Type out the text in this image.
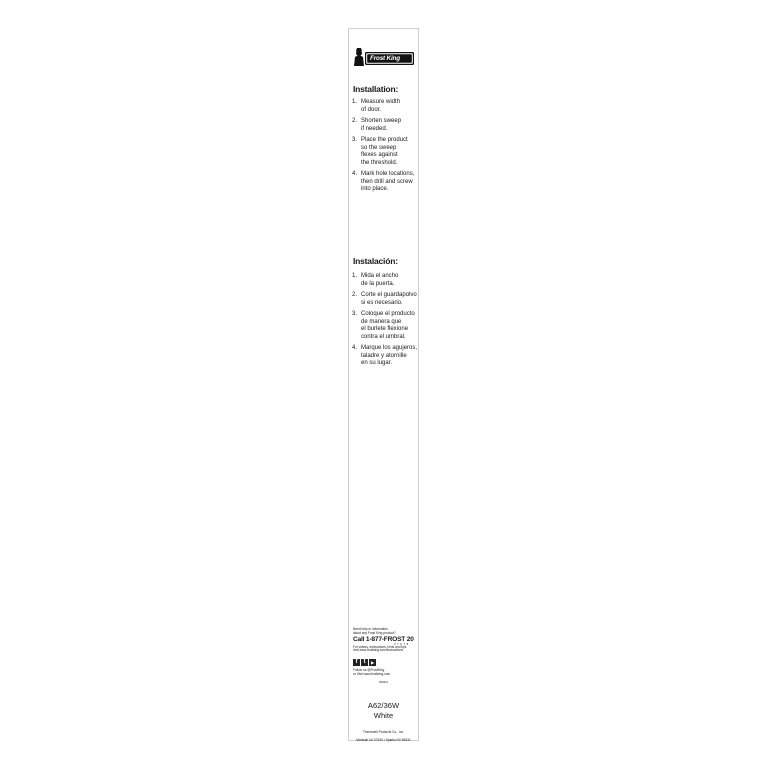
Frost King
Installation:
1. Measure width
of door.
2. Shorten sweep
if needed.
3. Place the product
so the sweep
flexes against
the threshold.
4. Mark hole locations,
then drill and screw
into place.
Instalación:
1. Mida el ancho
de la puerta.
2. Corte el guardapolvo
si es necesario.
3. Coloque el producto
de manera que
el burlete flexione
contra el umbral.
4. Marque los agujeros,
taladre y atornille
en su lugar.
Need help or information
about any Frost King product?
Call 1-877-FROST 20
37678
For videos, instructions, hints and tips
visit www.frostking.com/instructions
f	t	▶
Follow us @FrostKing
or Visit www.frostking.com
R06021
A62/36W
White

Thermwell Products Co., Inc.

Mahwah NJ 07430 • Sparks NV 89431
